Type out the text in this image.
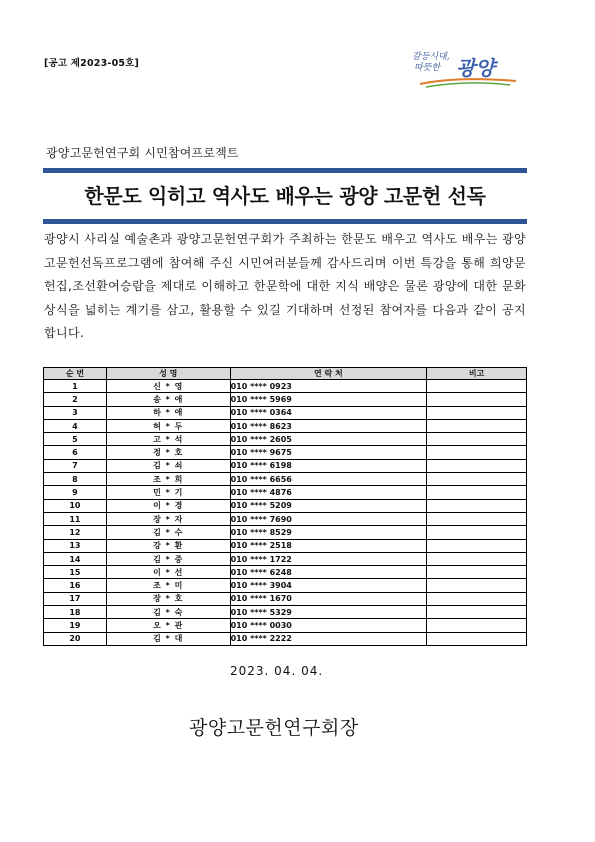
[공고 제2023-05호]
갈등시대,
따뜻한 광양
광양고문헌연구회 시민참여프로젝트
한문도 익히고 역사도 배우는 광양 고문헌 선독

광양시 사리실 예술촌과 광양고문헌연구회가 주최하는 한문도 배우고 역사도 배우는 광양고문헌선독프로그램에 참여해 주신 시민여러분들께 감사드리며 이번 특강을 통해 희양문헌집,조선환여승람을 제대로 이해하고 한문학에 대한 지식 배양은 물론 광양에 대한 문화 상식을 넓히는 계기를 삼고, 활용할 수 있길 기대하며 선정된 참여자를 다음과 같이 공지합니다.

순 번	성 명	연 락 처	비고
1	신 * 영	010 **** 0923	
2	송 * 애	010 **** 5969	
3	하 * 애	010 **** 0364	
4	허 * 두	010 **** 8623	
5	고 * 석	010 **** 2605	
6	정 * 호	010 **** 9675	
7	김 * 쇠	010 **** 6198	
8	조 * 희	010 **** 6656	
9	민 * 기	010 **** 4876	
10	이 * 경	010 **** 5209	
11	장 * 자	010 **** 7690	
12	김 * 수	010 **** 8529	
13	강 * 환	010 **** 2518	
14	김 * 중	010 **** 1722	
15	이 * 선	010 **** 6248	
16	조 * 미	010 **** 3904	
17	장 * 호	010 **** 1670	
18	김 * 숙	010 **** 5329	
19	오 * 관	010 **** 0030	
20	김 * 대	010 **** 2222	
2023. 04. 04.
광양고문헌연구회장
